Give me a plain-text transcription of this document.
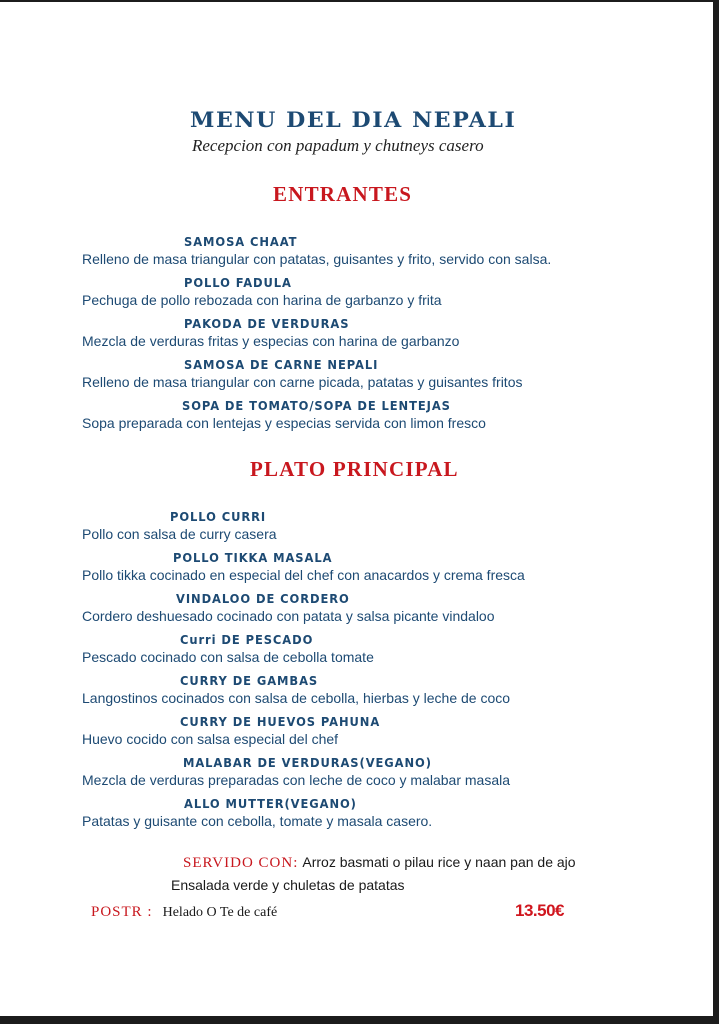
MENU DEL DIA NEPALI
Recepcion con papadum y chutneys casero
ENTRANTES
SAMOSA CHAAT
Relleno de masa triangular con patatas, guisantes y frito, servido con salsa.
POLLO FADULA
Pechuga de pollo rebozada con harina de garbanzo y frita
PAKODA DE VERDURAS
Mezcla de verduras fritas y especias con harina de garbanzo
SAMOSA DE CARNE NEPALI
Relleno de masa triangular con carne picada, patatas y guisantes fritos
SOPA DE TOMATO/SOPA DE LENTEJAS
Sopa preparada con lentejas y especias servida con limon fresco
PLATO PRINCIPAL
POLLO CURRI
Pollo con salsa de curry casera
POLLO TIKKA MASALA
Pollo tikka cocinado en especial del chef con anacardos y crema fresca
VINDALOO DE CORDERO
Cordero deshuesado cocinado con patata y salsa picante vindaloo
Curri DE PESCADO
Pescado cocinado con salsa de cebolla tomate
CURRY DE GAMBAS
Langostinos cocinados con salsa de cebolla, hierbas y leche de coco
CURRY DE HUEVOS PAHUNA
Huevo cocido con salsa especial del chef
MALABAR DE VERDURAS(VEGANO)
Mezcla de verduras preparadas con leche de coco y malabar masala
ALLO MUTTER(VEGANO)
Patatas y guisante con cebolla, tomate y masala casero.
SERVIDO CON: Arroz basmati o pilau rice y naan pan de ajo
Ensalada verde y chuletas de patatas
POSTR : Helado O Te de café	13.50€
